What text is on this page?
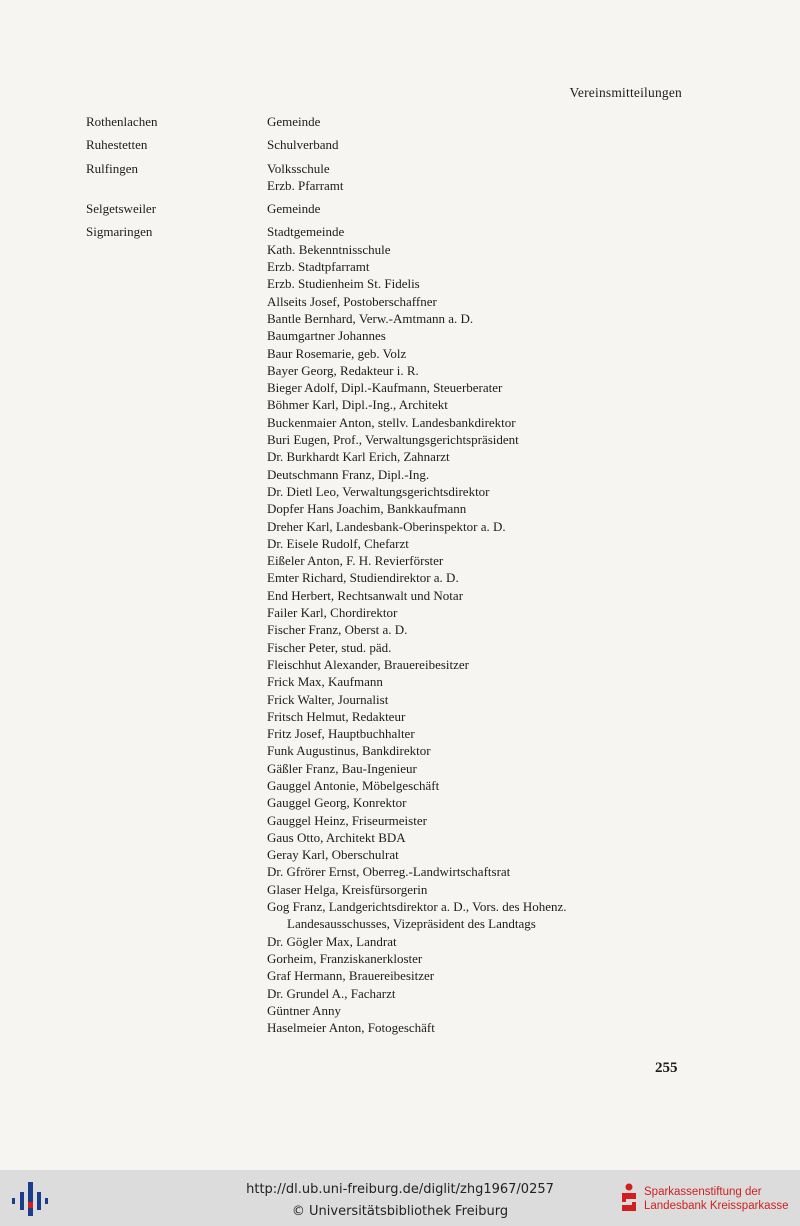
Vereinsmitteilungen
Rothenlachen	Gemeinde
Ruhestetten	Schulverband
Rulfingen	Volksschule
Erzb. Pfarramt
Selgetsweiler	Gemeinde
Sigmaringen	Stadtgemeinde
Kath. Bekenntnisschule
Erzb. Stadtpfarramt
Erzb. Studienheim St. Fidelis
Allseits Josef, Postoberschaffner
Bantle Bernhard, Verw.-Amtmann a. D.
Baumgartner Johannes
Baur Rosemarie, geb. Volz
Bayer Georg, Redakteur i. R.
Bieger Adolf, Dipl.-Kaufmann, Steuerberater
Böhmer Karl, Dipl.-Ing., Architekt
Buckenmaier Anton, stellv. Landesbankdirektor
Buri Eugen, Prof., Verwaltungsgerichtspräsident
Dr. Burkhardt Karl Erich, Zahnarzt
Deutschmann Franz, Dipl.-Ing.
Dr. Dietl Leo, Verwaltungsgerichtsdirektor
Dopfer Hans Joachim, Bankkaufmann
Dreher Karl, Landesbank-Oberinspektor a. D.
Dr. Eisele Rudolf, Chefarzt
Eißeler Anton, F. H. Revierförster
Emter Richard, Studiendirektor a. D.
End Herbert, Rechtsanwalt und Notar
Failer Karl, Chordirektor
Fischer Franz, Oberst a. D.
Fischer Peter, stud. päd.
Fleischhut Alexander, Brauereibesitzer
Frick Max, Kaufmann
Frick Walter, Journalist
Fritsch Helmut, Redakteur
Fritz Josef, Hauptbuchhalter
Funk Augustinus, Bankdirektor
Gäßler Franz, Bau-Ingenieur
Gauggel Antonie, Möbelgeschäft
Gauggel Georg, Konrektor
Gauggel Heinz, Friseurmeister
Gaus Otto, Architekt BDA
Geray Karl, Oberschulrat
Dr. Gfrörer Ernst, Oberreg.-Landwirtschaftsrat
Glaser Helga, Kreisfürsorgerin
Gog Franz, Landgerichtsdirektor a. D., Vors. des Hohenz.
Landesausschusses, Vizepräsident des Landtags
Dr. Gögler Max, Landrat
Gorheim, Franziskanerkloster
Graf Hermann, Brauereibesitzer
Dr. Grundel A., Facharzt
Güntner Anny
Haselmeier Anton, Fotogeschäft
255
http://dl.ub.uni-freiburg.de/diglit/zhg1967/0257
© Universitätsbibliothek Freiburg
Sparkassenstiftung der
Landesbank Kreissparkasse
